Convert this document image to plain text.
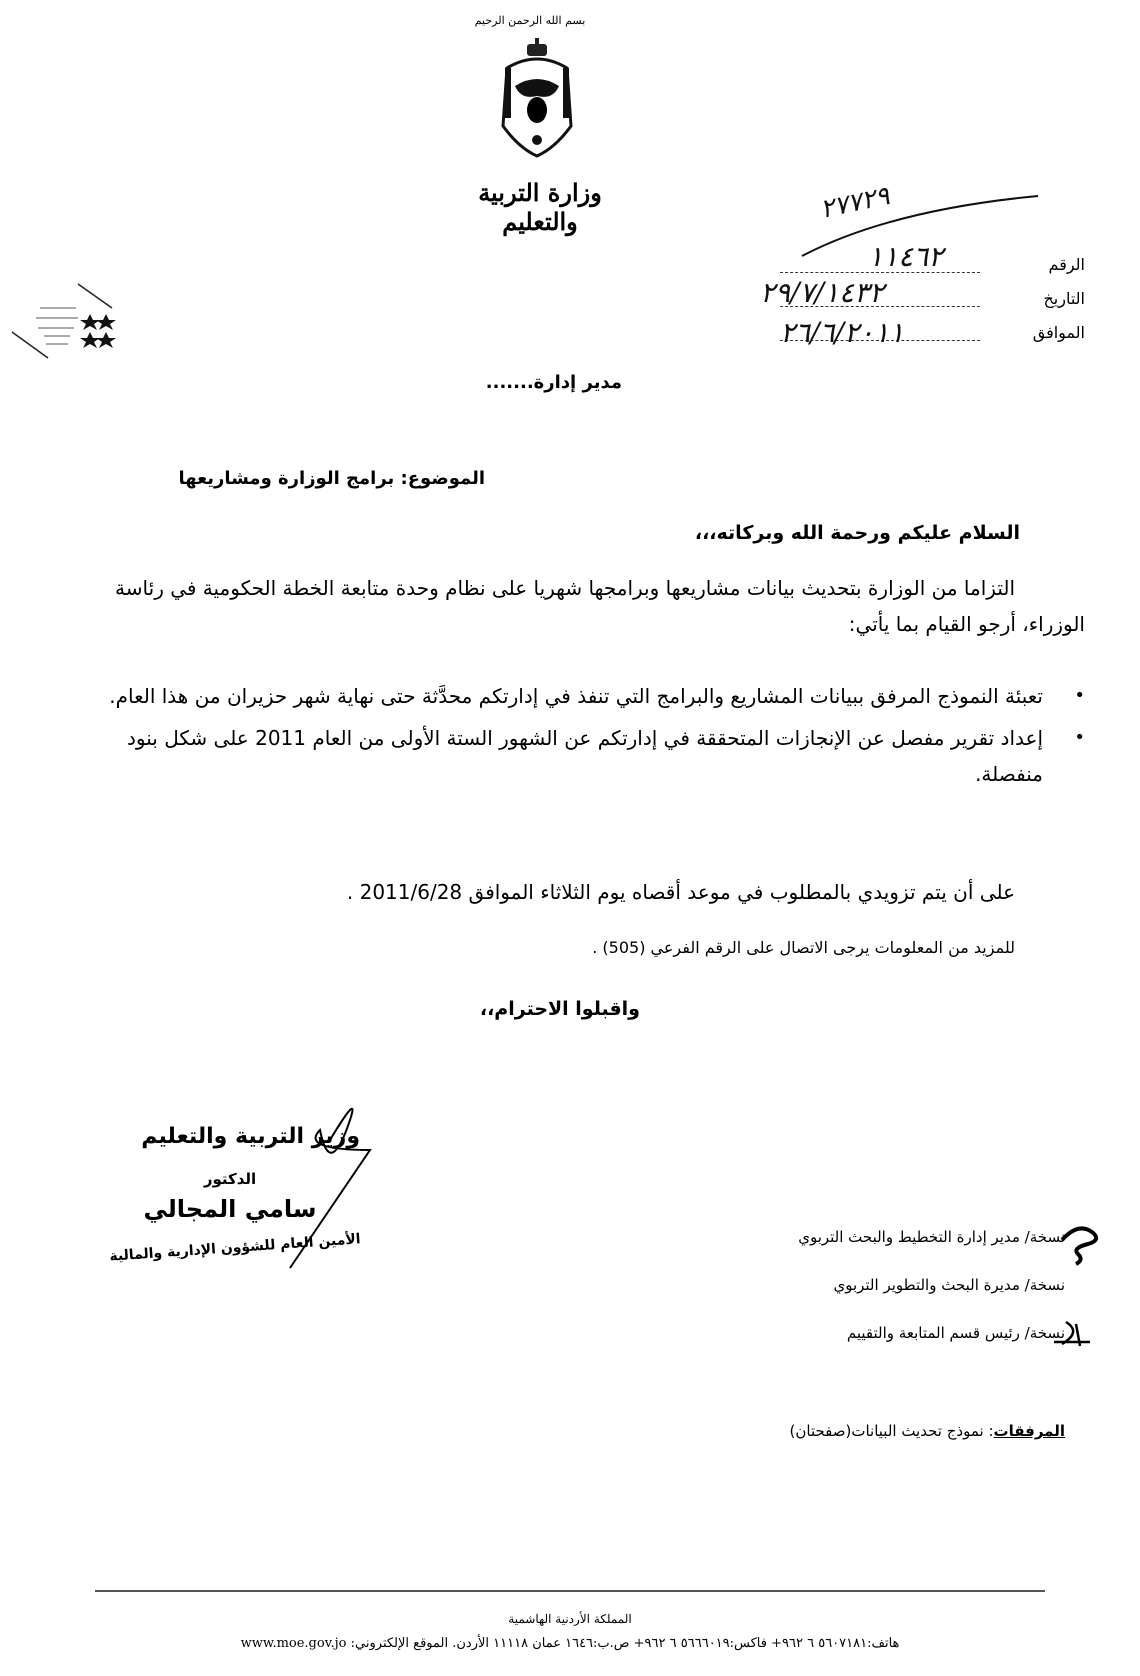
بسم الله الرحمن الرحيم
وزارة التربية والتعليم
الرقم
التاريخ
الموافق
٢٧٧٢٩
١١٤٦٢
٢٩/٧/١٤٣٢
٢٦/٦/٢٠١١
مدير إدارة.......
الموضوع: برامج الوزارة ومشاريعها
السلام عليكم ورحمة الله وبركاته،،،
التزاما من الوزارة بتحديث بيانات مشاريعها وبرامجها شهريا على نظام وحدة متابعة الخطة الحكومية في رئاسة الوزراء، أرجو القيام بما يأتي:
•
تعبئة النموذج المرفق ببيانات المشاريع والبرامج التي تنفذ في إدارتكم محدَّثة حتى نهاية شهر حزيران من هذا العام.
•
إعداد تقرير مفصل عن الإنجازات المتحققة في إدارتكم عن الشهور الستة الأولى من العام 2011 على شكل بنود منفصلة.
على أن يتم تزويدي بالمطلوب في موعد أقصاه يوم الثلاثاء الموافق 2011/6/28 .
للمزيد من المعلومات يرجى الاتصال على الرقم الفرعي (505) .
واقبلوا الاحترام،،
وزير التربية والتعليم
الدكتور
سامي المجالي
الأمين العام للشؤون الإدارية والمالية	نسخة/ مدير إدارة التخطيط والبحث التربوي
نسخة/ مديرة البحث والتطوير التربوي
نسخة/ رئيس قسم المتابعة والتقييم
المرفقات: نموذج تحديث البيانات(صفحتان)
المملكة الأردنية الهاشمية
هاتف:٥٦٠٧١٨١ ٦ ٩٦٢+ فاكس:٥٦٦٦٠١٩ ٦ ٩٦٢+ ص.ب:١٦٤٦ عمان ١١١١٨ الأردن. الموقع الإلكتروني: www.moe.gov.jo
